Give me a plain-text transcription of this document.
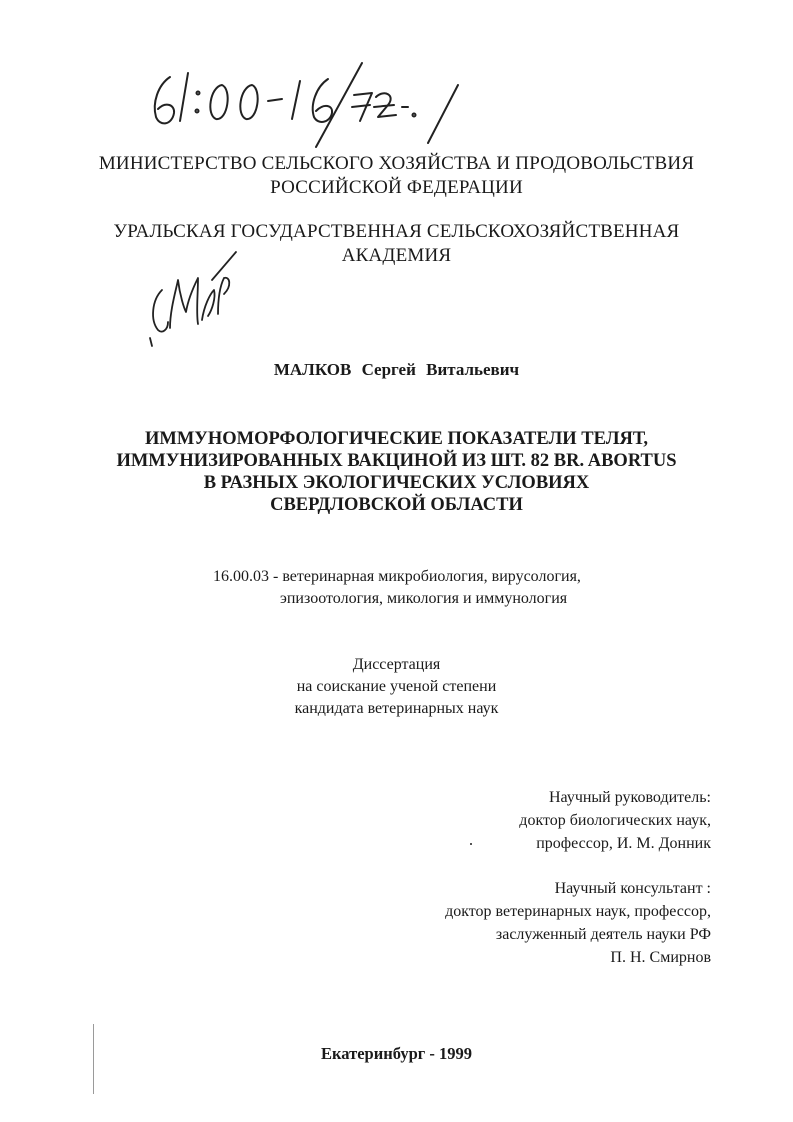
МИНИСТЕРСТВО СЕЛЬСКОГО ХОЗЯЙСТВА И ПРОДОВОЛЬСТВИЯ
РОССИЙСКОЙ ФЕДЕРАЦИИ
УРАЛЬСКАЯ ГОСУДАРСТВЕННАЯ СЕЛЬСКОХОЗЯЙСТВЕННАЯ
АКАДЕМИЯ
МАЛКОВ Сергей Витальевич
ИММУНОМОРФОЛОГИЧЕСКИЕ ПОКАЗАТЕЛИ ТЕЛЯТ,
ИММУНИЗИРОВАННЫХ ВАКЦИНОЙ ИЗ ШТ. 82 BR. ABORTUS
В РАЗНЫХ ЭКОЛОГИЧЕСКИХ УСЛОВИЯХ
СВЕРДЛОВСКОЙ ОБЛАСТИ
16.00.03 - ветеринарная микробиология, вирусология,
эпизоотология, микология и иммунология
Диссертация
на соискание ученой степени
кандидата ветеринарных наук
Научный руководитель:
доктор биологических наук,
профессор, И. М. Донник
Научный консультант :
доктор ветеринарных наук, профессор,
заслуженный деятель науки РФ
П. Н. Смирнов
Екатеринбург - 1999
